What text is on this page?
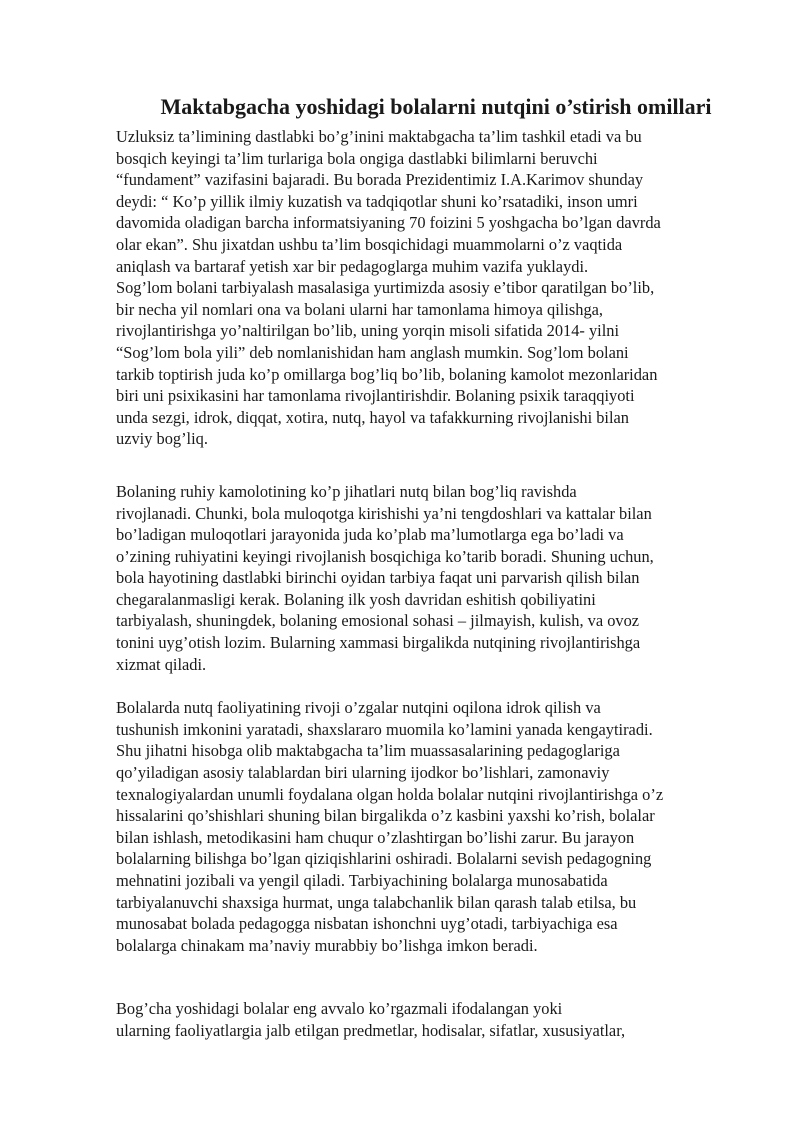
Maktabgacha yoshidagi bolalarni nutqini o’stirish omillari

Uzluksiz ta’limining dastlabki bo’g’inini maktabgacha ta’lim tashkil etadi va bu
bosqich keyingi ta’lim turlariga bola ongiga dastlabki bilimlarni beruvchi
“fundament” vazifasini bajaradi. Bu borada Prezidentimiz I.A.Karimov shunday
deydi: “ Ko’p yillik ilmiy kuzatish va tadqiqotlar shuni ko’rsatadiki, inson umri
davomida oladigan barcha informatsiyaning 70 foizini 5 yoshgacha bo’lgan davrda
olar ekan”. Shu jixatdan ushbu ta’lim bosqichidagi muammolarni o’z vaqtida
aniqlash va bartaraf yetish xar bir pedagoglarga muhim vazifa yuklaydi.
Sog’lom bolani tarbiyalash masalasiga yurtimizda asosiy e’tibor qaratilgan bo’lib,
bir necha yil nomlari ona va bolani ularni har tamonlama himoya qilishga,
rivojlantirishga yo’naltirilgan bo’lib, uning yorqin misoli sifatida 2014- yilni
“Sog’lom bola yili” deb nomlanishidan ham anglash mumkin. Sog’lom bolani
tarkib toptirish juda ko’p omillarga bog’liq bo’lib, bolaning kamolot mezonlaridan
biri uni psixikasini har tamonlama rivojlantirishdir. Bolaning psixik taraqqiyoti
unda sezgi, idrok, diqqat, xotira, nutq, hayol va tafakkurning rivojlanishi bilan
uzviy bog’liq.

Bolaning ruhiy kamolotining ko’p jihatlari nutq bilan bog’liq ravishda
rivojlanadi. Chunki, bola muloqotga kirishishi ya’ni tengdoshlari va kattalar bilan
bo’ladigan muloqotlari jarayonida juda ko’plab ma’lumotlarga ega bo’ladi va
o’zining ruhiyatini keyingi rivojlanish bosqichiga ko’tarib boradi. Shuning uchun,
bola hayotining dastlabki birinchi oyidan tarbiya faqat uni parvarish qilish bilan
chegaralanmasligi kerak. Bolaning ilk yosh davridan eshitish qobiliyatini
tarbiyalash, shuningdek, bolaning emosional sohasi – jilmayish, kulish, va ovoz
tonini uyg’otish lozim. Bularning xammasi birgalikda nutqining rivojlantirishga
xizmat qiladi.

Bolalarda nutq faoliyatining rivoji o’zgalar nutqini oqilona idrok qilish va
tushunish imkonini yaratadi, shaxslararo muomila ko’lamini yanada kengaytiradi.
Shu jihatni hisobga olib maktabgacha ta’lim muassasalarining pedagoglariga
qo’yiladigan asosiy talablardan biri ularning ijodkor bo’lishlari, zamonaviy
texnalogiyalardan unumli foydalana olgan holda bolalar nutqini rivojlantirishga o’z
hissalarini qo’shishlari shuning bilan birgalikda o’z kasbini yaxshi ko’rish, bolalar
bilan ishlash, metodikasini ham chuqur o’zlashtirgan bo’lishi zarur. Bu jarayon
bolalarning bilishga bo’lgan qiziqishlarini oshiradi. Bolalarni sevish pedagogning
mehnatini jozibali va yengil qiladi. Tarbiyachining bolalarga munosabatida
tarbiyalanuvchi shaxsiga hurmat, unga talabchanlik bilan qarash talab etilsa, bu
munosabat bolada pedagogga nisbatan ishonchni uyg’otadi, tarbiyachiga esa
bolalarga chinakam ma’naviy murabbiy bo’lishga imkon beradi.

Bog’cha yoshidagi bolalar eng avvalo ko’rgazmali ifodalangan yoki
ularning faoliyatlargia jalb etilgan predmetlar, hodisalar, sifatlar, xususiyatlar,
